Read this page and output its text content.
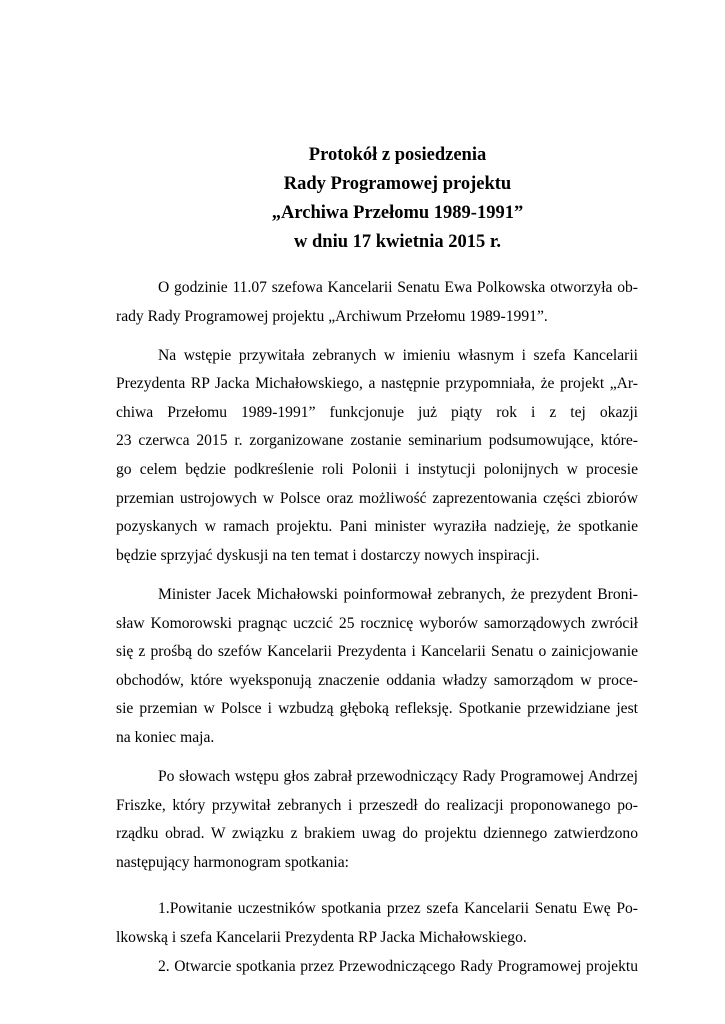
Protokół z posiedzenia
Rady Programowej projektu
„Archiwa Przełomu 1989-1991”
w dniu 17 kwietnia 2015 r.
O godzinie 11.07 szefowa Kancelarii Senatu Ewa Polkowska otworzyła ob-
rady Rady Programowej projektu „Archiwum Przełomu 1989-1991”.
Na wstępie przywitała zebranych w imieniu własnym i szefa Kancelarii
Prezydenta RP Jacka Michałowskiego, a następnie przypomniała, że projekt „Ar-
chiwa Przełomu 1989-1991” funkcjonuje już piąty rok i z tej okazji
23 czerwca 2015 r. zorganizowane zostanie seminarium podsumowujące, które-
go celem będzie podkreślenie roli Polonii i instytucji polonijnych w procesie
przemian ustrojowych w Polsce oraz możliwość zaprezentowania części zbiorów
pozyskanych w ramach projektu. Pani minister wyraziła nadzieję, że spotkanie
będzie sprzyjać dyskusji na ten temat i dostarczy nowych inspiracji.
Minister Jacek Michałowski poinformował zebranych, że prezydent Broni-
sław Komorowski pragnąc uczcić 25 rocznicę wyborów samorządowych zwrócił
się z prośbą do szefów Kancelarii Prezydenta i Kancelarii Senatu o zainicjowanie
obchodów, które wyeksponują znaczenie oddania władzy samorządom w proce-
sie przemian w Polsce i wzbudzą głęboką refleksję. Spotkanie przewidziane jest
na koniec maja.
Po słowach wstępu głos zabrał przewodniczący Rady Programowej Andrzej
Friszke, który przywitał zebranych i przeszedł do realizacji proponowanego po-
rządku obrad. W związku z brakiem uwag do projektu dziennego zatwierdzono
następujący harmonogram spotkania:
1.Powitanie uczestników spotkania przez szefa Kancelarii Senatu Ewę Po-
lkowską i szefa Kancelarii Prezydenta RP Jacka Michałowskiego.
2. Otwarcie spotkania przez Przewodniczącego Rady Programowej projektu
